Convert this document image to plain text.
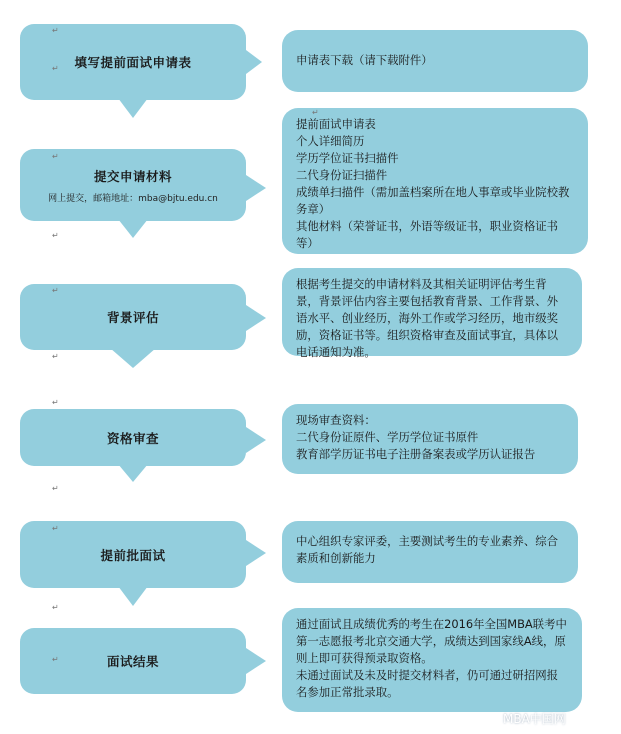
填写提前面试申请表
提交申请材料
网上提交，邮箱地址：mba@bjtu.edu.cn
背景评估
资格审查
提前批面试
面试结果
申请表下载（请下载附件）
提前面试申请表
个人详细简历
学历学位证书扫描件
二代身份证扫描件
成绩单扫描件（需加盖档案所在地人事章或毕业院校教务章）
其他材料（荣誉证书，外语等级证书，职业资格证书等）
根据考生提交的申请材料及其相关证明评估考生背景，背景评估内容主要包括教育背景、工作背景、外语水平、创业经历，海外工作或学习经历，地市级奖励，资格证书等。组织资格审查及面试事宜，具体以电话通知为准。
现场审查资料：
二代身份证原件、学历学位证书原件
教育部学历证书电子注册备案表或学历认证报告
中心组织专家评委，主要测试考生的专业素养、综合素质和创新能力
通过面试且成绩优秀的考生在2016年全国MBA联考中第一志愿报考北京交通大学，成绩达到国家线A线，原则上即可获得预录取资格。
未通过面试及未及时提交材料者，仍可通过研招网报名参加正常批录取。
↵
↵
↵
↵
↵
↵
↵
↵
↵
↵
↵
↵
MBA中国网
